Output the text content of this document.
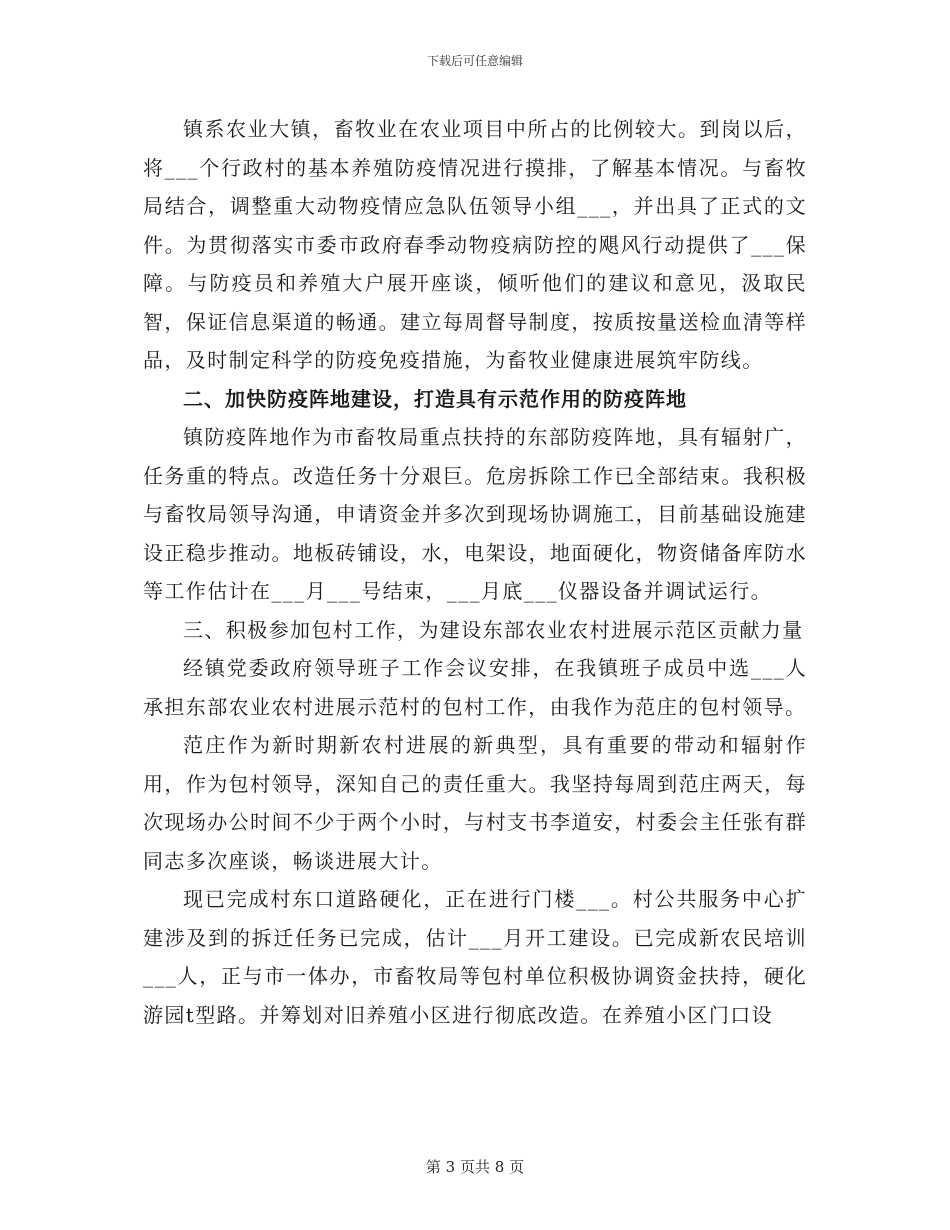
下载后可任意编辑

镇系农业大镇，畜牧业在农业项目中所占的比例较大。到岗以后，将___个行政村的基本养殖防疫情况进行摸排，了解基本情况。与畜牧局结合，调整重大动物疫情应急队伍领导小组___，并出具了正式的文件。为贯彻落实市委市政府春季动物疫病防控的飓风行动提供了___保障。与防疫员和养殖大户展开座谈，倾听他们的建议和意见，汲取民智，保证信息渠道的畅通。建立每周督导制度，按质按量送检血清等样品，及时制定科学的防疫免疫措施，为畜牧业健康进展筑牢防线。

二、加快防疫阵地建设，打造具有示范作用的防疫阵地

镇防疫阵地作为市畜牧局重点扶持的东部防疫阵地，具有辐射广，任务重的特点。改造任务十分艰巨。危房拆除工作已全部结束。我积极与畜牧局领导沟通，申请资金并多次到现场协调施工，目前基础设施建设正稳步推动。地板砖铺设，水，电架设，地面硬化，物资储备库防水等工作估计在___月___号结束，___月底___仪器设备并调试运行。

三、积极参加包村工作，为建设东部农业农村进展示范区贡献力量

经镇党委政府领导班子工作会议安排，在我镇班子成员中选___人承担东部农业农村进展示范村的包村工作，由我作为范庄的包村领导。

范庄作为新时期新农村进展的新典型，具有重要的带动和辐射作用，作为包村领导，深知自己的责任重大。我坚持每周到范庄两天，每次现场办公时间不少于两个小时，与村支书李道安，村委会主任张有群同志多次座谈，畅谈进展大计。

现已完成村东口道路硬化，正在进行门楼___。村公共服务中心扩建涉及到的拆迁任务已完成，估计___月开工建设。已完成新农民培训___人，正与市一体办，市畜牧局等包村单位积极协调资金扶持，硬化游园t型路。并筹划对旧养殖小区进行彻底改造。在养殖小区门口设

第 3 页共 8 页
